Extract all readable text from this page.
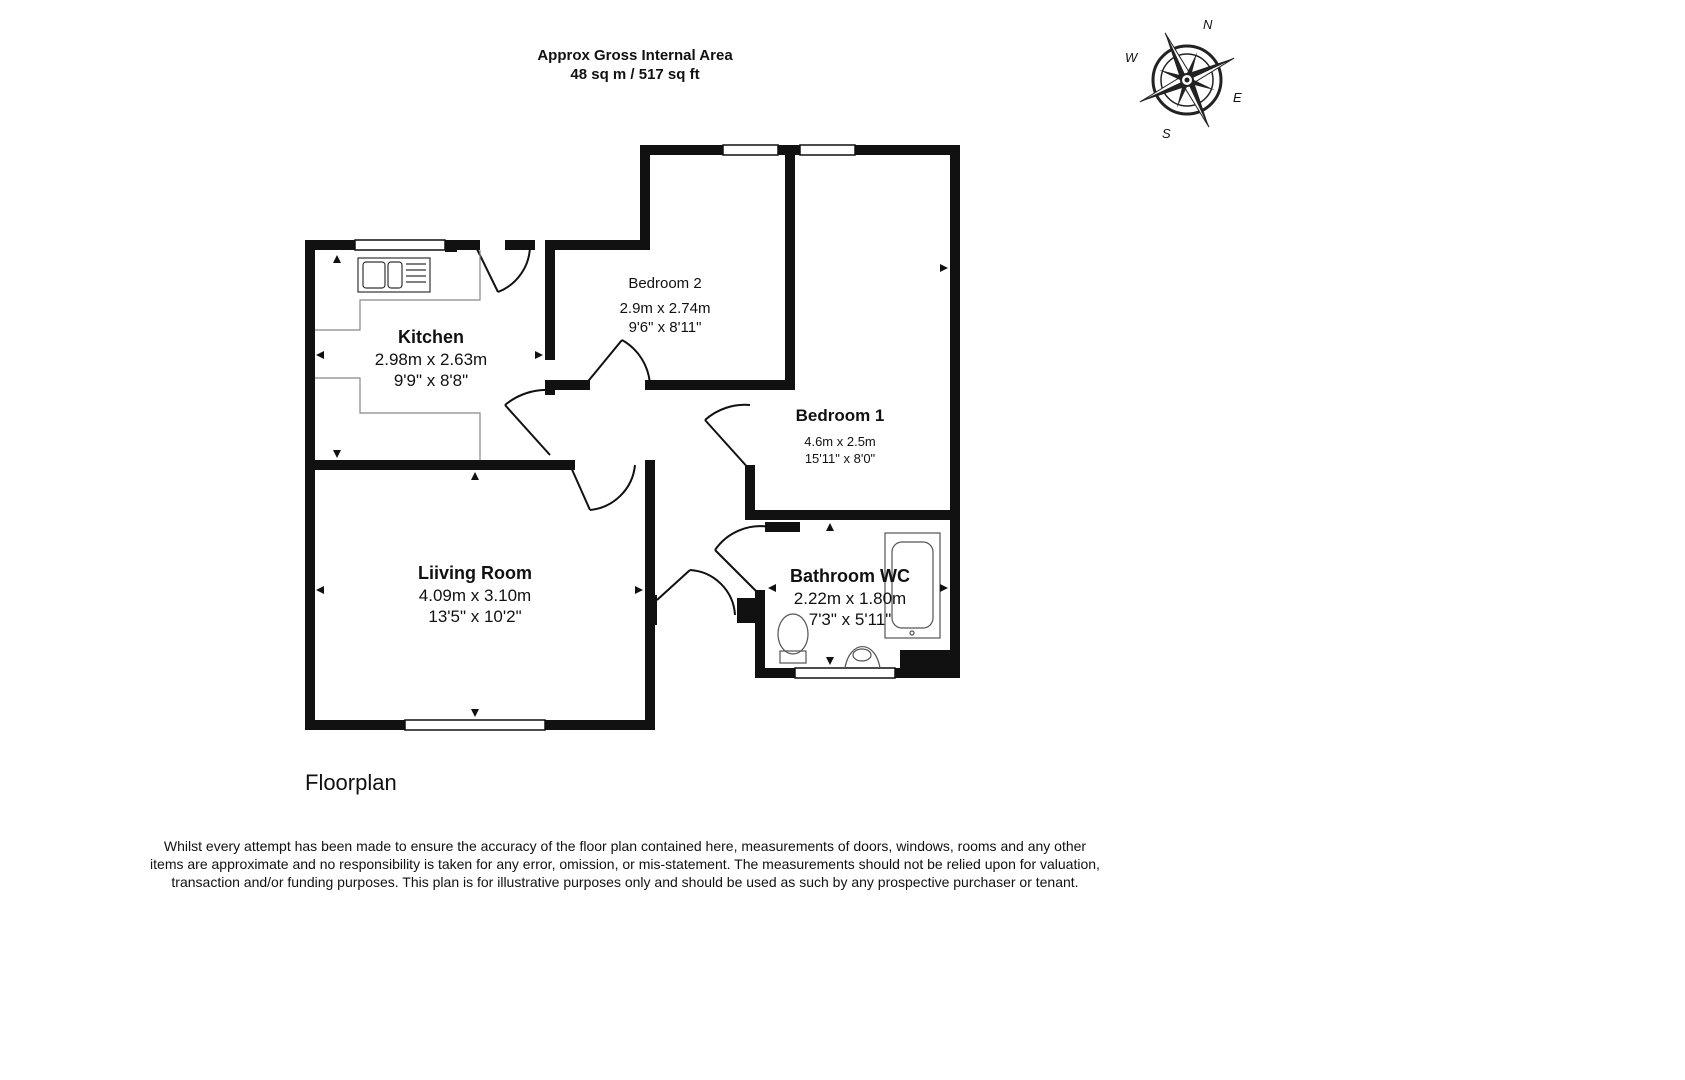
Approx Gross Internal Area
48 sq m / 517 sq ft
N
E
S
W
Kitchen
2.98m x 2.63m
9'9" x 8'8"
Bedroom 2
2.9m x 2.74m
9'6" x 8'11"
Bedroom 1
4.6m x 2.5m
15'11" x 8'0"
Liiving Room
4.09m x 3.10m
13'5" x 10'2"
Bathroom WC
2.22m x 1.80m
7'3" x 5'11"
Floorplan
Whilst every attempt has been made to ensure the accuracy of the floor plan contained here, measurements of doors, windows, rooms and any other items are approximate and no responsibility is taken for any error, omission, or mis-statement. The measurements should not be relied upon for valuation, transaction and/or funding purposes. This plan is for illustrative purposes only and should be used as such by any prospective purchaser or tenant.
